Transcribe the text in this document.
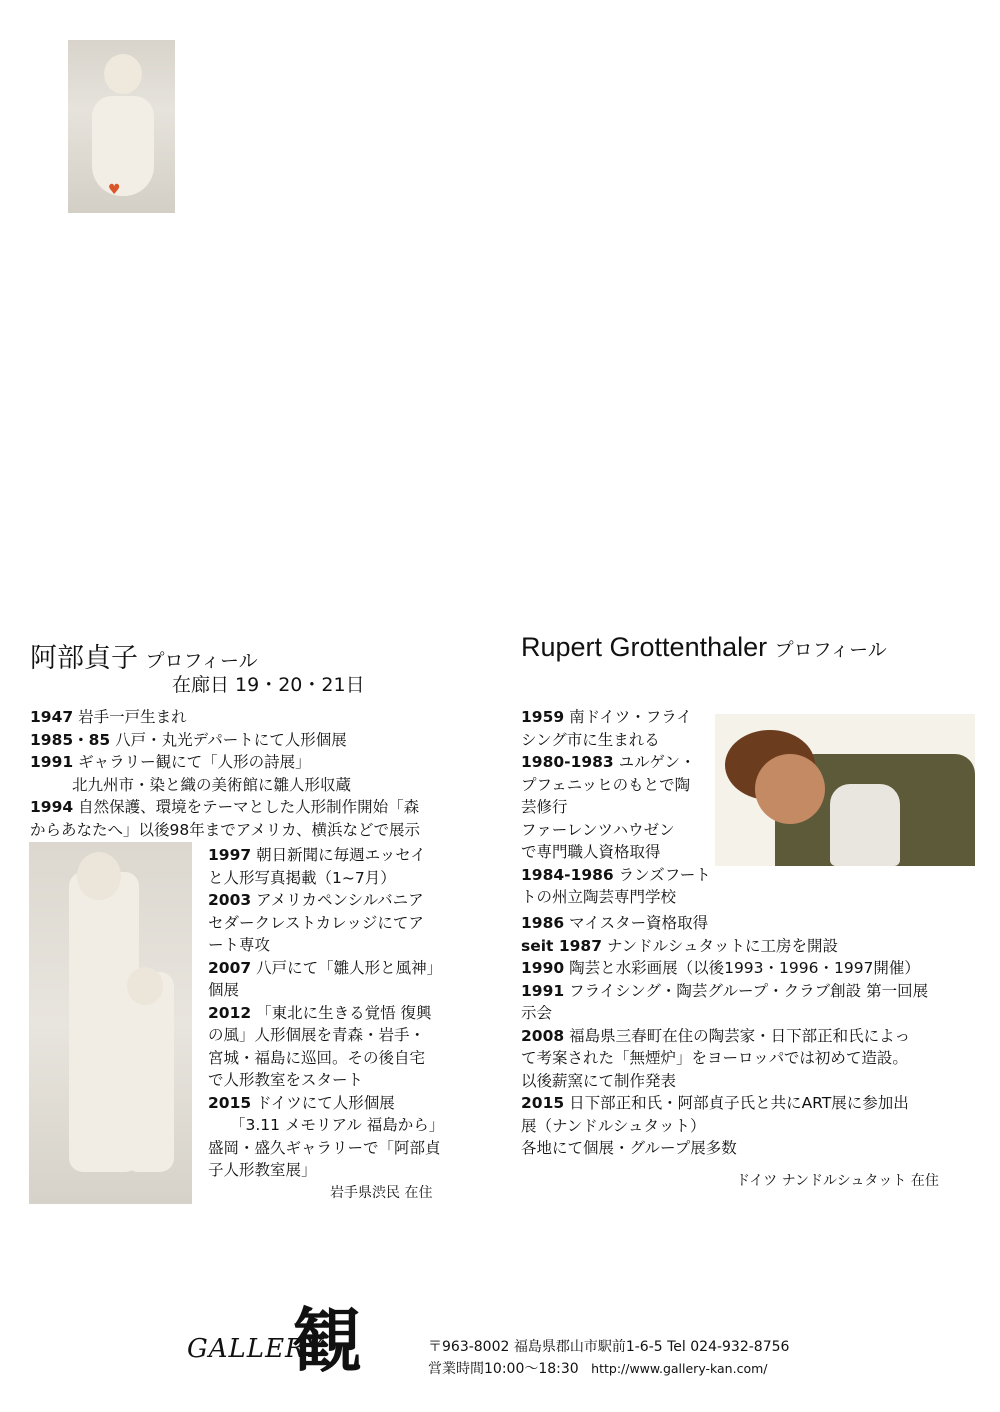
♥
阿部貞子 プロフィール
在廊日 19・20・21日
1947 岩手一戸生まれ
1985・85 八戸・丸光デパートにて人形個展
1991 ギャラリー観にて「人形の詩展」
北九州市・染と織の美術館に雛人形収蔵
1994 自然保護、環境をテーマとした人形制作開始「森
からあなたへ」以後98年までアメリカ、横浜などで展示
1997 朝日新聞に毎週エッセイ
と人形写真掲載（1~7月）
2003 アメリカペンシルバニア
セダークレストカレッジにてア
ート専攻
2007 八戸にて「雛人形と風神」
個展
2012 「東北に生きる覚悟 復興
の風」人形個展を青森・岩手・
宮城・福島に巡回。その後自宅
で人形教室をスタート
2015 ドイツにて人形個展
「3.11 メモリアル 福島から」
盛岡・盛久ギャラリーで「阿部貞
子人形教室展」
岩手県渋民 在住
Rupert Grottenthaler プロフィール
1959 南ドイツ・フライ
シング市に生まれる
1980-1983 ユルゲン・
プフェニッヒのもとで陶
芸修行
ファーレンツハウゼン
で専門職人資格取得
1984-1986 ランズフート
トの州立陶芸専門学校
1986 マイスター資格取得
seit 1987 ナンドルシュタットに工房を開設
1990 陶芸と水彩画展（以後1993・1996・1997開催）
1991 フライシング・陶芸グループ・クラブ創設 第一回展
示会
2008 福島県三春町在住の陶芸家・日下部正和氏によっ
て考案された「無煙炉」をヨーロッパでは初めて造設。
以後薪窯にて制作発表
2015 日下部正和氏・阿部貞子氏と共にART展に参加出
展（ナンドルシュタット）
各地にて個展・グループ展多数
ドイツ ナンドルシュタット 在住
GALLERY
観	〒963-8002 福島県郡山市駅前1-6-5 Tel 024-932-8756
営業時間10:00〜18:30 http://www.gallery-kan.com/
